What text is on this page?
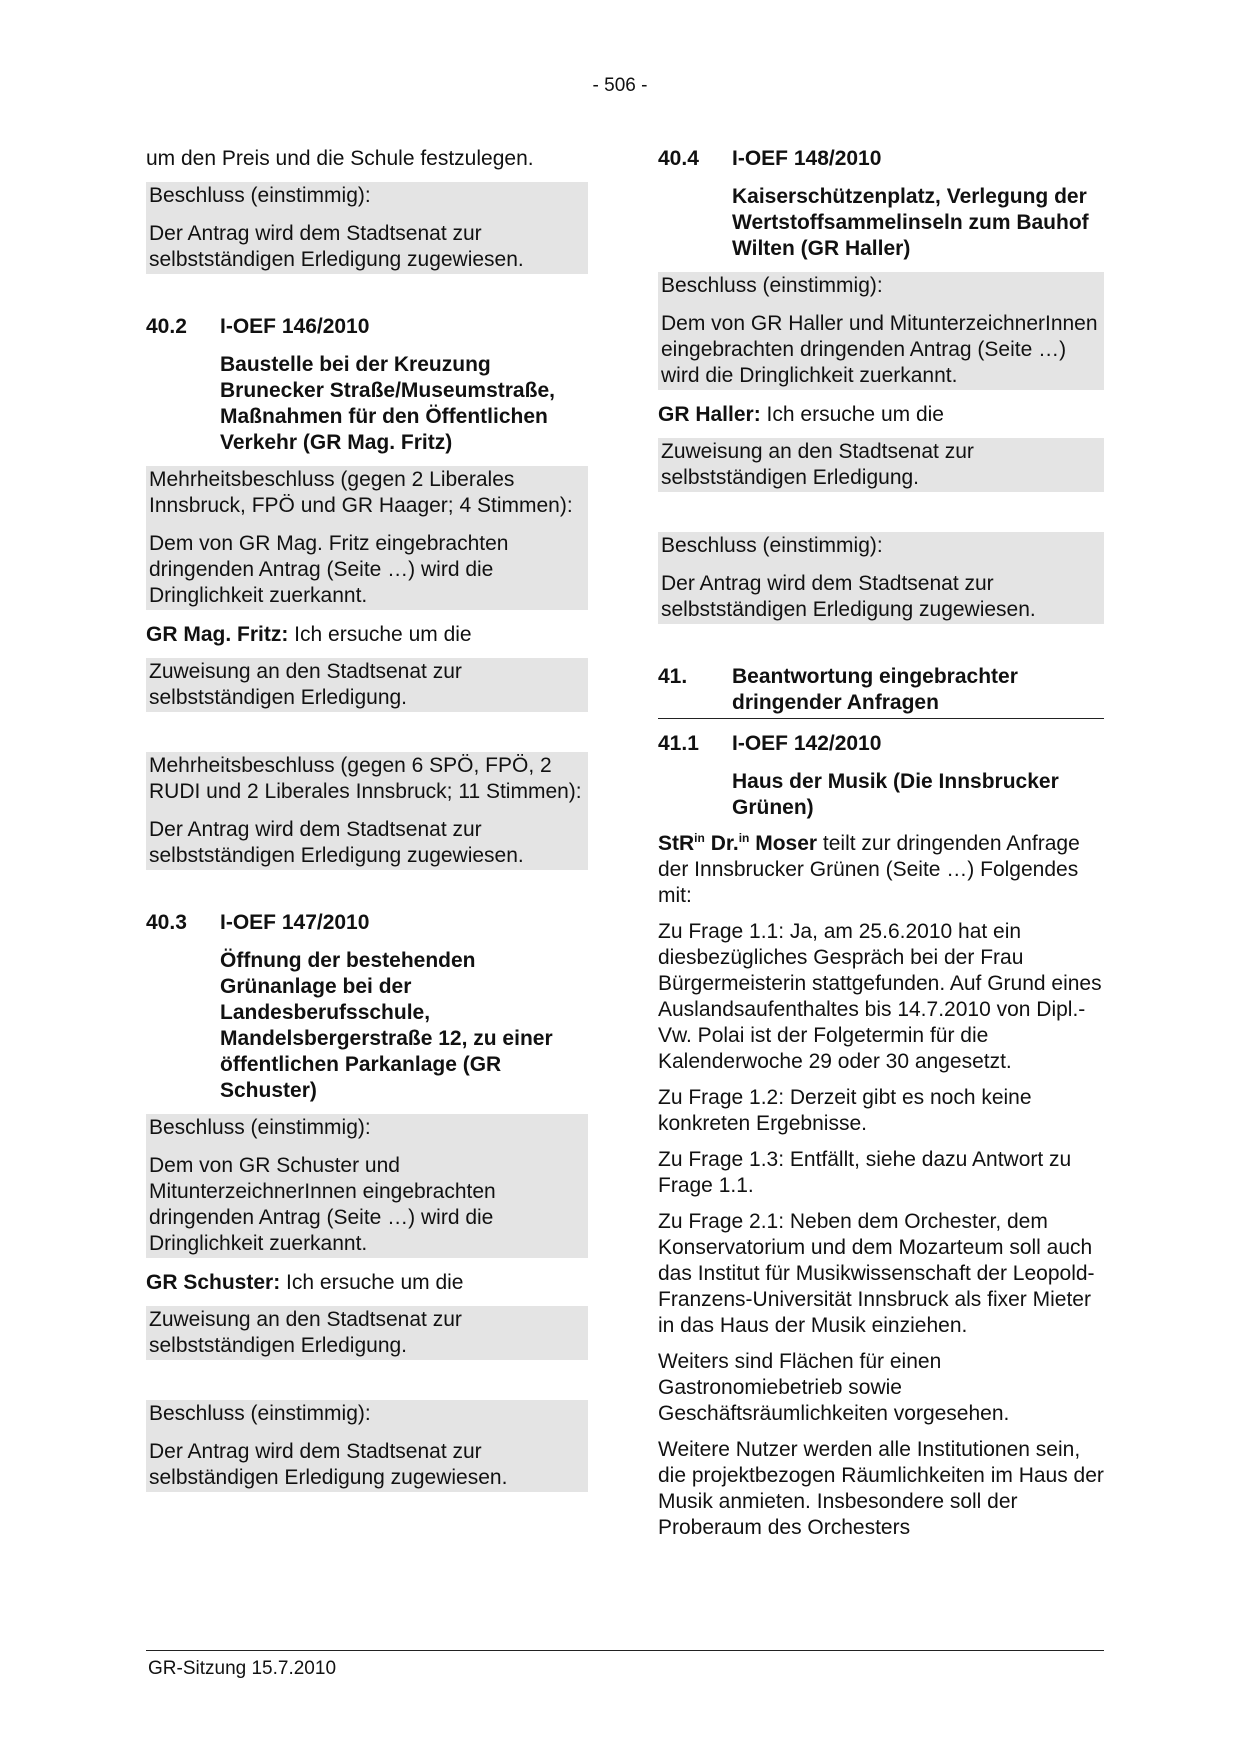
- 506 -

um den Preis und die Schule festzulegen.

Beschluss (einstimmig):

Der Antrag wird dem Stadtsenat zur selbstständigen Erledigung zugewiesen.

40.2	I-OEF 146/2010

Baustelle bei der Kreuzung Brunecker Straße/Museumstraße, Maßnahmen für den Öffentlichen Verkehr (GR Mag. Fritz)

Mehrheitsbeschluss (gegen 2 Liberales Innsbruck, FPÖ und GR Haager; 4 Stimmen):

Dem von GR Mag. Fritz eingebrachten dringenden Antrag (Seite …) wird die Dringlichkeit zuerkannt.

GR Mag. Fritz: Ich ersuche um die

Zuweisung an den Stadtsenat zur selbstständigen Erledigung.

Mehrheitsbeschluss (gegen 6 SPÖ, FPÖ, 2 RUDI und 2 Liberales Innsbruck; 11 Stimmen):

Der Antrag wird dem Stadtsenat zur selbstständigen Erledigung zugewiesen.

40.3	I-OEF 147/2010

Öffnung der bestehenden Grünanlage bei der Landesberufsschule, Mandelsbergerstraße 12, zu einer öffentlichen Parkanlage (GR Schuster)

Beschluss (einstimmig):

Dem von GR Schuster und MitunterzeichnerInnen eingebrachten dringenden Antrag (Seite …) wird die Dringlichkeit zuerkannt.

GR Schuster: Ich ersuche um die

Zuweisung an den Stadtsenat zur selbstständigen Erledigung.

Beschluss (einstimmig):

Der Antrag wird dem Stadtsenat zur selbständigen Erledigung zugewiesen.

40.4	I-OEF 148/2010

Kaiserschützenplatz, Verlegung der Wertstoffsammelinseln zum Bauhof Wilten (GR Haller)

Beschluss (einstimmig):

Dem von GR Haller und MitunterzeichnerInnen eingebrachten dringenden Antrag (Seite …) wird die Dringlichkeit zuerkannt.

GR Haller: Ich ersuche um die

Zuweisung an den Stadtsenat zur selbstständigen Erledigung.

Beschluss (einstimmig):

Der Antrag wird dem Stadtsenat zur selbstständigen Erledigung zugewiesen.

41.	Beantwortung eingebrachter dringender Anfragen
41.1	I-OEF 142/2010

Haus der Musik (Die Innsbrucker Grünen)

StR$^{in}$ Dr.$^{in}$ Moser teilt zur dringenden Anfrage der Innsbrucker Grünen (Seite …) Folgendes mit:

Zu Frage 1.1: Ja, am 25.6.2010 hat ein diesbezügliches Gespräch bei der Frau Bürgermeisterin stattgefunden. Auf Grund eines Auslandsaufenthaltes bis 14.7.2010 von Dipl.-Vw. Polai ist der Folgetermin für die Kalenderwoche 29 oder 30 angesetzt.

Zu Frage 1.2: Derzeit gibt es noch keine konkreten Ergebnisse.

Zu Frage 1.3: Entfällt, siehe dazu Antwort zu Frage 1.1.

Zu Frage 2.1: Neben dem Orchester, dem Konservatorium und dem Mozarteum soll auch das Institut für Musikwissenschaft der Leopold-Franzens-Universität Innsbruck als fixer Mieter in das Haus der Musik einziehen.

Weiters sind Flächen für einen Gastronomiebetrieb sowie Geschäftsräumlichkeiten vorgesehen.

Weitere Nutzer werden alle Institutionen sein, die projektbezogen Räumlichkeiten im Haus der Musik anmieten. Insbesondere soll der Proberaum des Orchesters

GR-Sitzung 15.7.2010
